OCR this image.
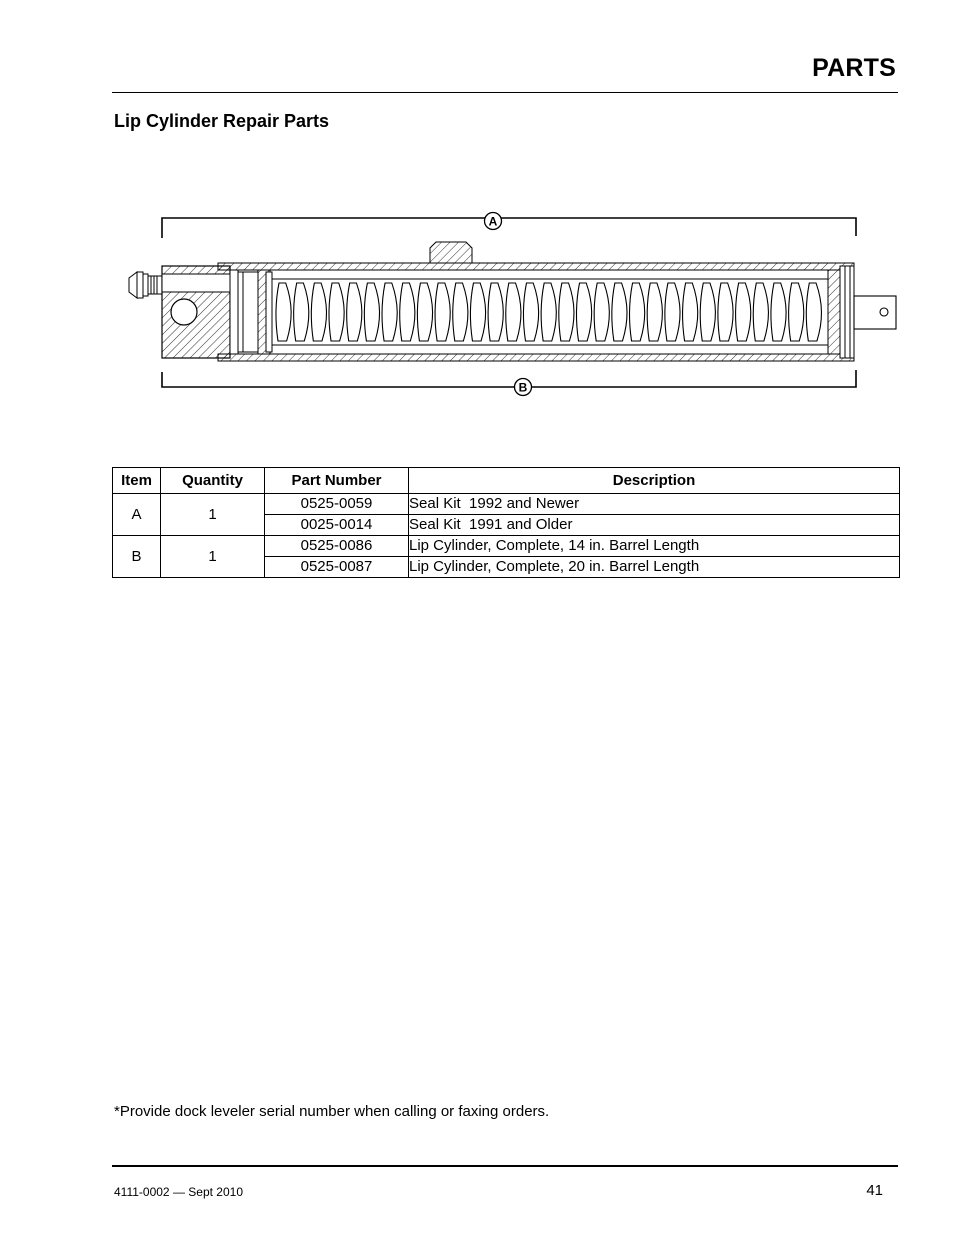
PARTS
Lip Cylinder Repair Parts
A
B
Item	Quantity	Part Number	Description
A	1	0525-0059	Seal Kit  1992 and Newer
		0025-0014	Seal Kit  1991 and Older
B	1	0525-0086	Lip Cylinder, Complete, 14 in. Barrel Length
		0525-0087	Lip Cylinder, Complete, 20 in. Barrel Length
*Provide dock leveler serial number when calling or faxing orders.
4111-0002 — Sept 2010	41
